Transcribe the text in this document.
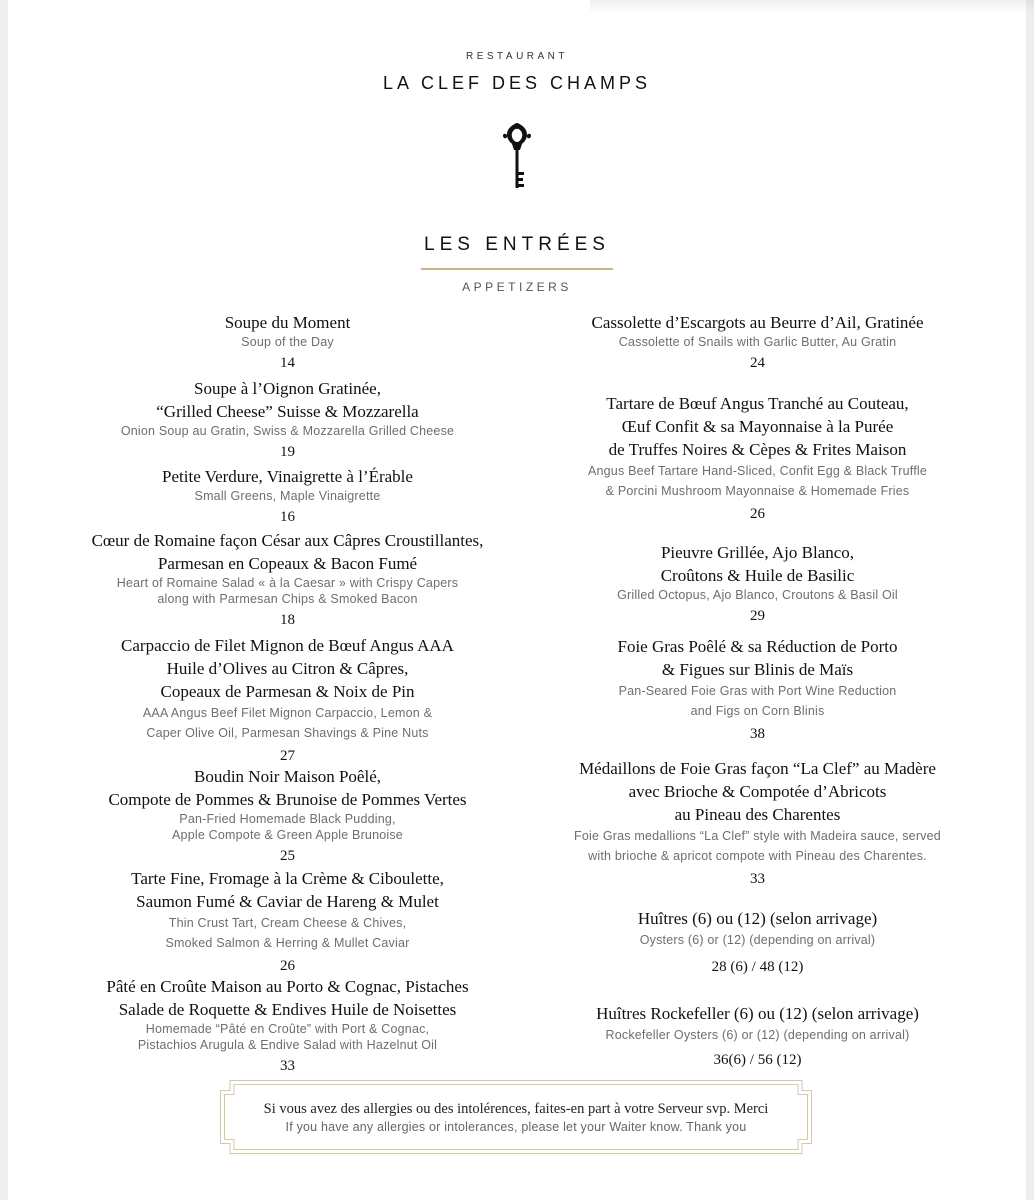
RESTAURANT
LA CLEF DES CHAMPS
LES ENTRÉES
APPETIZERS
Soupe du Moment
Soup of the Day
14
Soupe à l’Oignon Gratinée,
“Grilled Cheese” Suisse & Mozzarella
Onion Soup au Gratin, Swiss & Mozzarella Grilled Cheese
19
Petite Verdure, Vinaigrette à l’Érable
Small Greens, Maple Vinaigrette
16
Cœur de Romaine façon César aux Câpres Croustillantes,
Parmesan en Copeaux & Bacon Fumé
Heart of Romaine Salad « à la Caesar » with Crispy Capers
along with Parmesan Chips & Smoked Bacon
18
Carpaccio de Filet Mignon de Bœuf Angus AAA
Huile d’Olives au Citron & Câpres,
Copeaux de Parmesan & Noix de Pin
AAA Angus Beef Filet Mignon Carpaccio, Lemon &
Caper Olive Oil, Parmesan Shavings & Pine Nuts
27
Boudin Noir Maison Poêlé,
Compote de Pommes & Brunoise de Pommes Vertes
Pan-Fried Homemade Black Pudding,
Apple Compote & Green Apple Brunoise
25
Tarte Fine, Fromage à la Crème & Ciboulette,
Saumon Fumé & Caviar de Hareng & Mulet
Thin Crust Tart, Cream Cheese & Chives,
Smoked Salmon & Herring & Mullet Caviar
26
Pâté en Croûte Maison au Porto & Cognac, Pistaches
Salade de Roquette & Endives Huile de Noisettes
Homemade “Pâté en Croûte” with Port & Cognac,
Pistachios Arugula & Endive Salad with Hazelnut Oil
33
Cassolette d’Escargots au Beurre d’Ail, Gratinée
Cassolette of Snails with Garlic Butter, Au Gratin
24
Tartare de Bœuf Angus Tranché au Couteau,
Œuf Confit & sa Mayonnaise à la Purée
de Truffes Noires & Cèpes & Frites Maison
Angus Beef Tartare Hand-Sliced, Confit Egg & Black Truffle
& Porcini Mushroom Mayonnaise & Homemade Fries
26
Pieuvre Grillée, Ajo Blanco,
Croûtons & Huile de Basilic
Grilled Octopus, Ajo Blanco, Croutons & Basil Oil
29
Foie Gras Poêlé & sa Réduction de Porto
& Figues sur Blinis de Maïs
Pan-Seared Foie Gras with Port Wine Reduction
and Figs on Corn Blinis
38
Médaillons de Foie Gras façon “La Clef” au Madère
avec Brioche & Compotée d’Abricots
au Pineau des Charentes
Foie Gras medallions “La Clef” style with Madeira sauce, served
with brioche & apricot compote with Pineau des Charentes.
33
Huîtres (6) ou (12) (selon arrivage)
Oysters (6) or (12) (depending on arrival)
28 (6) / 48 (12)
Huîtres Rockefeller (6) ou (12) (selon arrivage)
Rockefeller Oysters (6) or (12) (depending on arrival)
36(6) / 56 (12)
Si vous avez des allergies ou des intolérences, faites-en part à votre Serveur svp. Merci
If you have any allergies or intolerances, please let your Waiter know. Thank you
